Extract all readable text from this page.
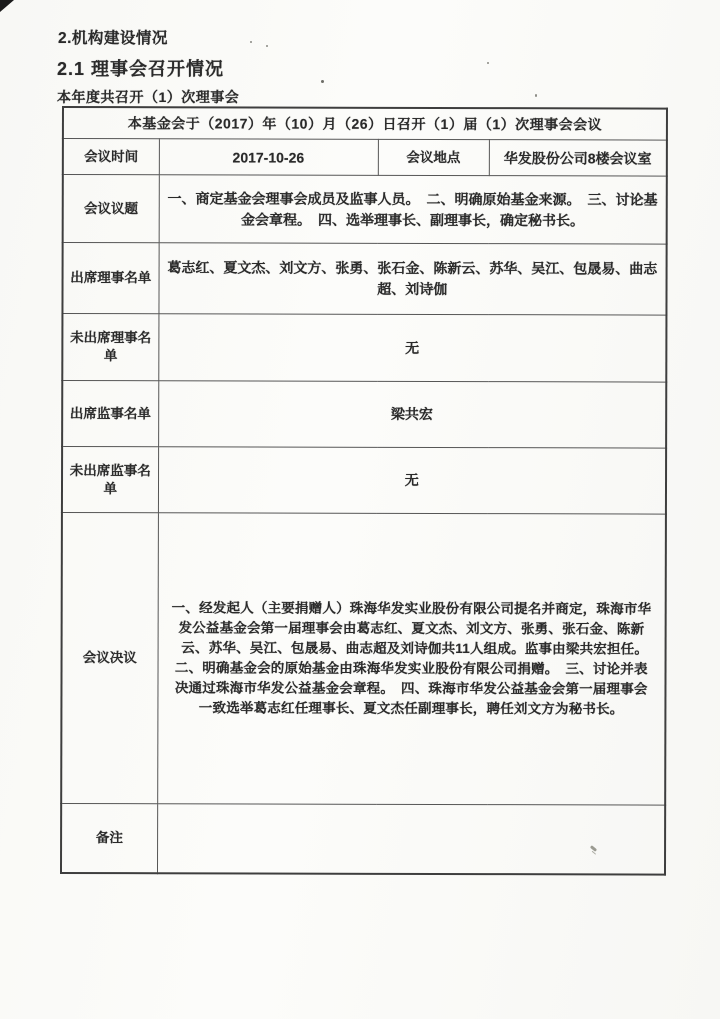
2.机构建设情况
2.1 理事会召开情况
本年度共召开（1）次理事会
本基金会于（2017）年（10）月（26）日召开（1）届（1）次理事会会议			
会议时间	2017-10-26	会议地点	华发股份公司8楼会议室
会议议题	一、商定基金会理事会成员及监事人员。　二、明确原始基金来源。　三、讨论基金会章程。　四、选举理事长、副理事长，确定秘书长。		
出席理事名单	葛志红、夏文杰、刘文方、张勇、张石金、陈新云、苏华、吴江、包晟易、曲志超、刘诗伽		
未出席理事名单	无		
出席监事名单	梁共宏		
未出席监事名单	无		
会议决议	一、经发起人（主要捐赠人）珠海华发实业股份有限公司提名并商定，珠海市华发公益基金会第一届理事会由葛志红、夏文杰、刘文方、张勇、张石金、陈新云、苏华、吴江、包晟易、曲志超及刘诗伽共11人组成。监事由梁共宏担任。　二、明确基金会的原始基金由珠海华发实业股份有限公司捐赠。　三、讨论并表决通过珠海市华发公益基金会章程。　四、珠海市华发公益基金会第一届理事会一致选举葛志红任理事长、夏文杰任副理事长，聘任刘文方为秘书长。		
备注			
